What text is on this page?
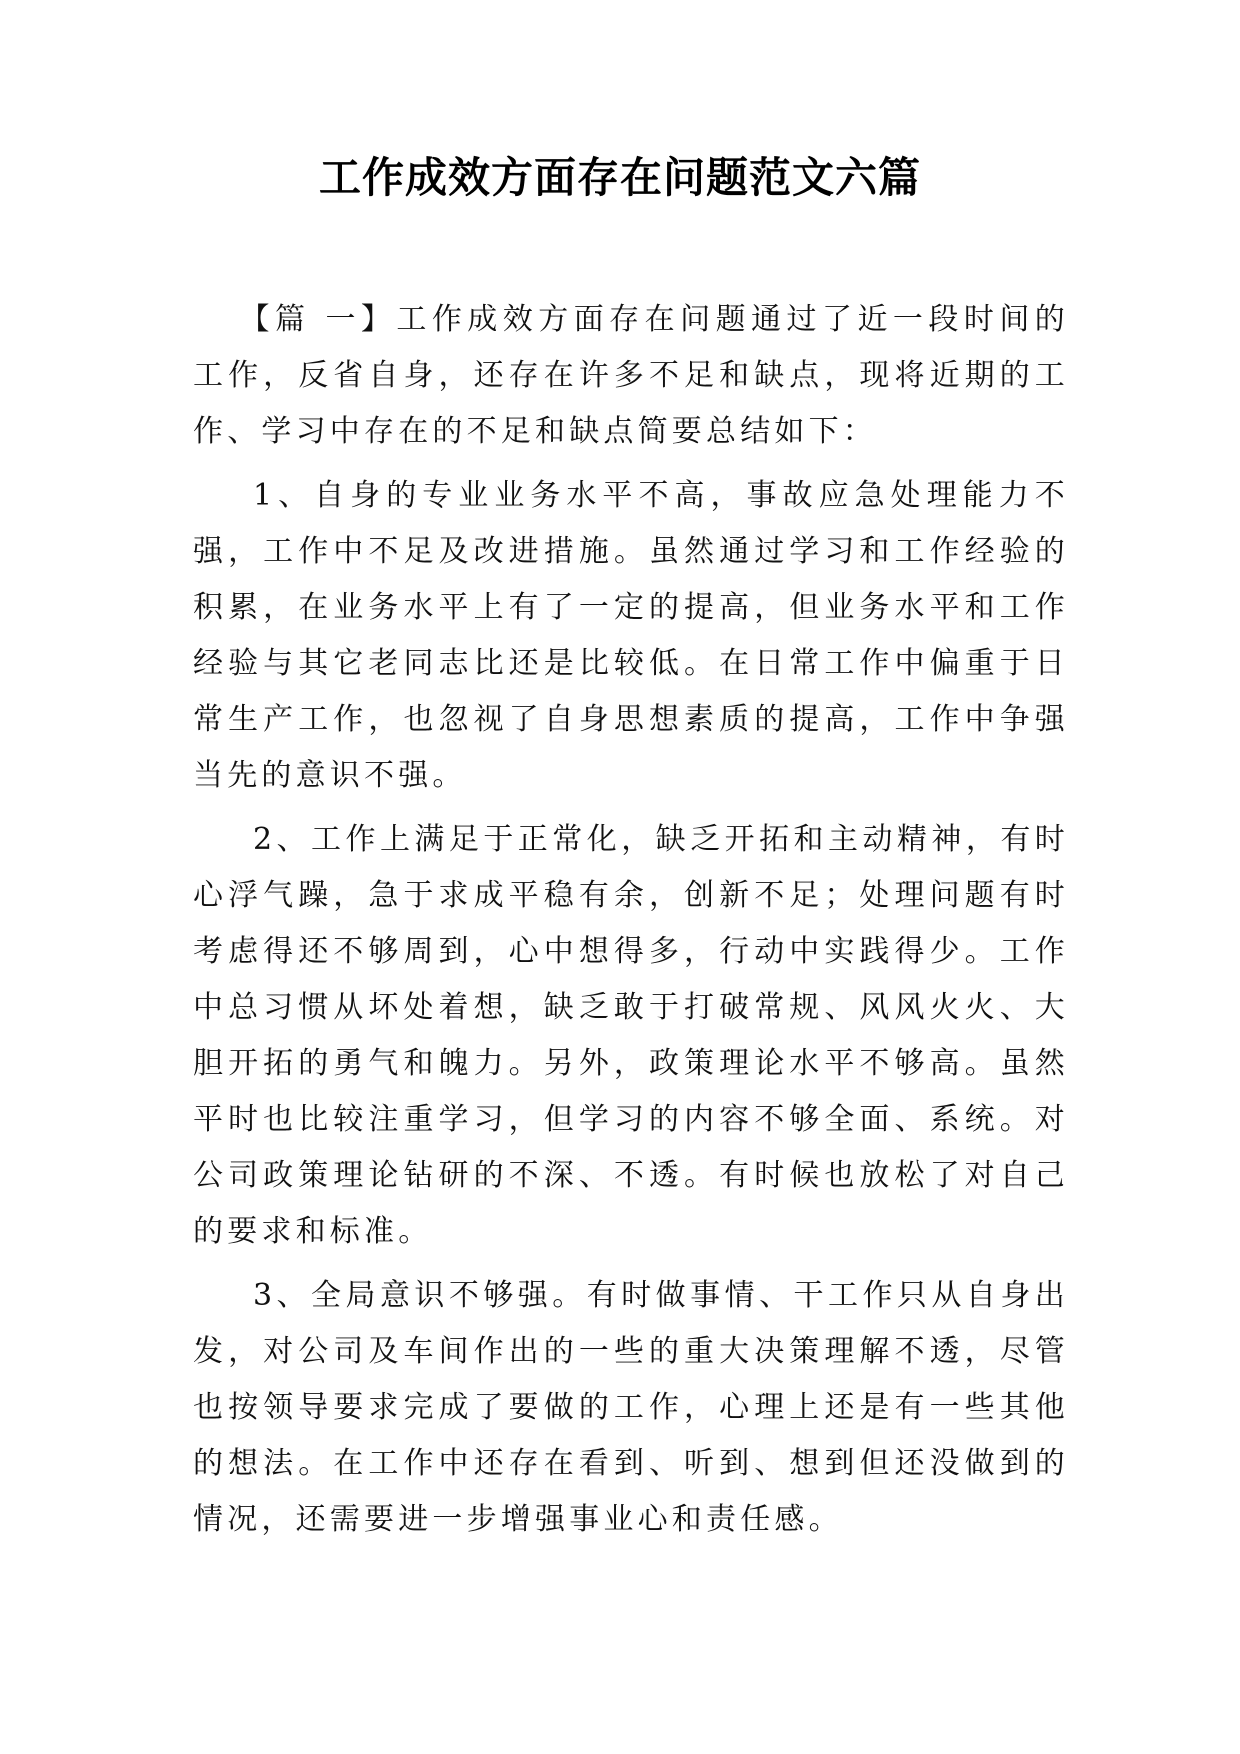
工作成效方面存在问题范文六篇

【篇 一】工作成效方面存在问题通过了近一段时间的工作，反省自身，还存在许多不足和缺点，现将近期的工作、学习中存在的不足和缺点简要总结如下：

1、自身的专业业务水平不高，事故应急处理能力不强，工作中不足及改进措施。虽然通过学习和工作经验的积累，在业务水平上有了一定的提高，但业务水平和工作经验与其它老同志比还是比较低。在日常工作中偏重于日常生产工作，也忽视了自身思想素质的提高，工作中争强当先的意识不强。

2、工作上满足于正常化，缺乏开拓和主动精神，有时心浮气躁，急于求成平稳有余，创新不足；处理问题有时考虑得还不够周到，心中想得多，行动中实践得少。工作中总习惯从坏处着想，缺乏敢于打破常规、风风火火、大胆开拓的勇气和魄力。另外，政策理论水平不够高。虽然平时也比较注重学习，但学习的内容不够全面、系统。对公司政策理论钻研的不深、不透。有时候也放松了对自己的要求和标准。

3、全局意识不够强。有时做事情、干工作只从自身出发，对公司及车间作出的一些的重大决策理解不透，尽管也按领导要求完成了要做的工作，心理上还是有一些其他的想法。在工作中还存在看到、听到、想到但还没做到的情况，还需要进一步增强事业心和责任感。
